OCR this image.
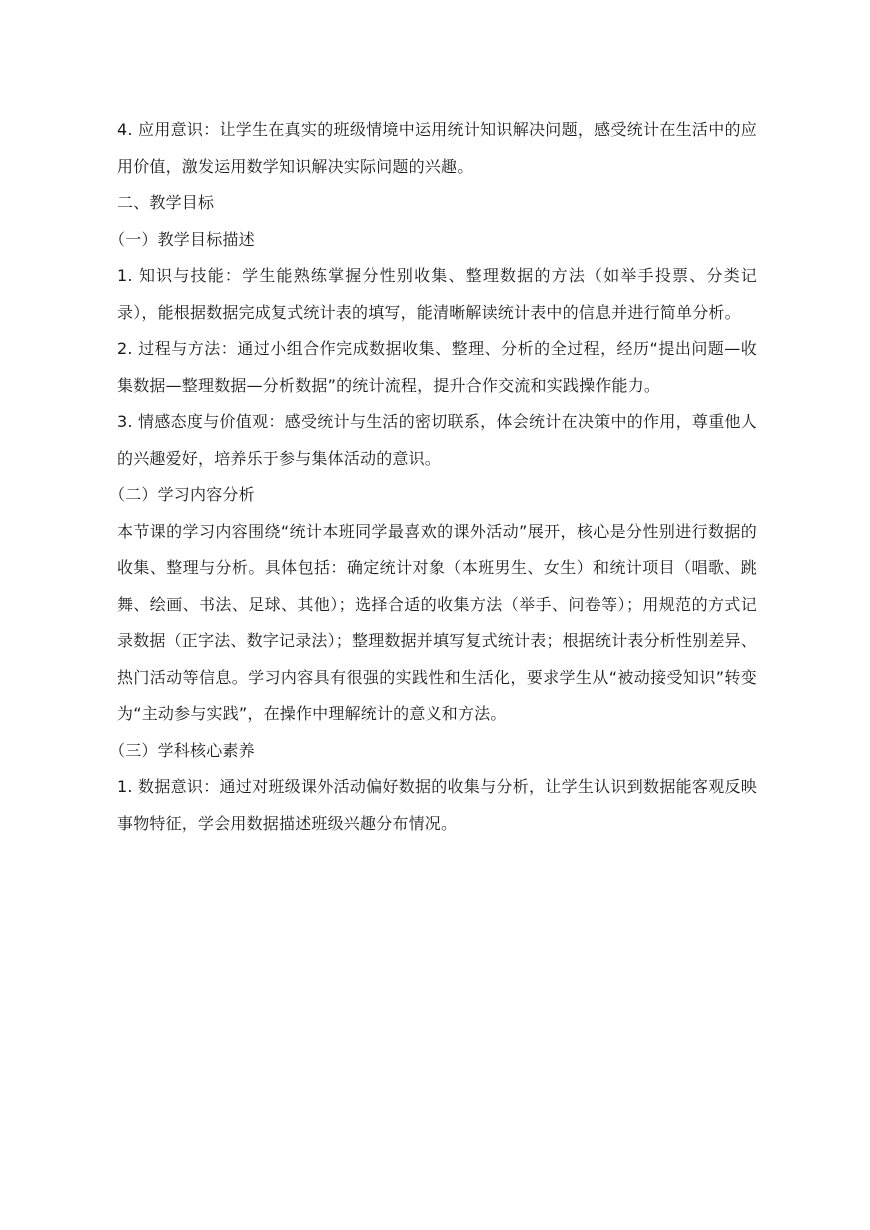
4. 应用意识：让学生在真实的班级情境中运用统计知识解决问题，感受统计在生活中的应用价值，激发运用数学知识解决实际问题的兴趣。

二、教学目标

（一）教学目标描述

1. 知识与技能：学生能熟练掌握分性别收集、整理数据的方法（如举手投票、分类记录），能根据数据完成复式统计表的填写，能清晰解读统计表中的信息并进行简单分析。

2. 过程与方法：通过小组合作完成数据收集、整理、分析的全过程，经历“提出问题—收集数据—整理数据—分析数据”的统计流程，提升合作交流和实践操作能力。

3. 情感态度与价值观：感受统计与生活的密切联系，体会统计在决策中的作用，尊重他人的兴趣爱好，培养乐于参与集体活动的意识。

（二）学习内容分析

本节课的学习内容围绕“统计本班同学最喜欢的课外活动”展开，核心是分性别进行数据的收集、整理与分析。具体包括：确定统计对象（本班男生、女生）和统计项目（唱歌、跳舞、绘画、书法、足球、其他）；选择合适的收集方法（举手、问卷等）；用规范的方式记录数据（正字法、数字记录法）；整理数据并填写复式统计表；根据统计表分析性别差异、热门活动等信息。学习内容具有很强的实践性和生活化，要求学生从“被动接受知识”转变为“主动参与实践”，在操作中理解统计的意义和方法。

（三）学科核心素养

1. 数据意识：通过对班级课外活动偏好数据的收集与分析，让学生认识到数据能客观反映事物特征，学会用数据描述班级兴趣分布情况。
